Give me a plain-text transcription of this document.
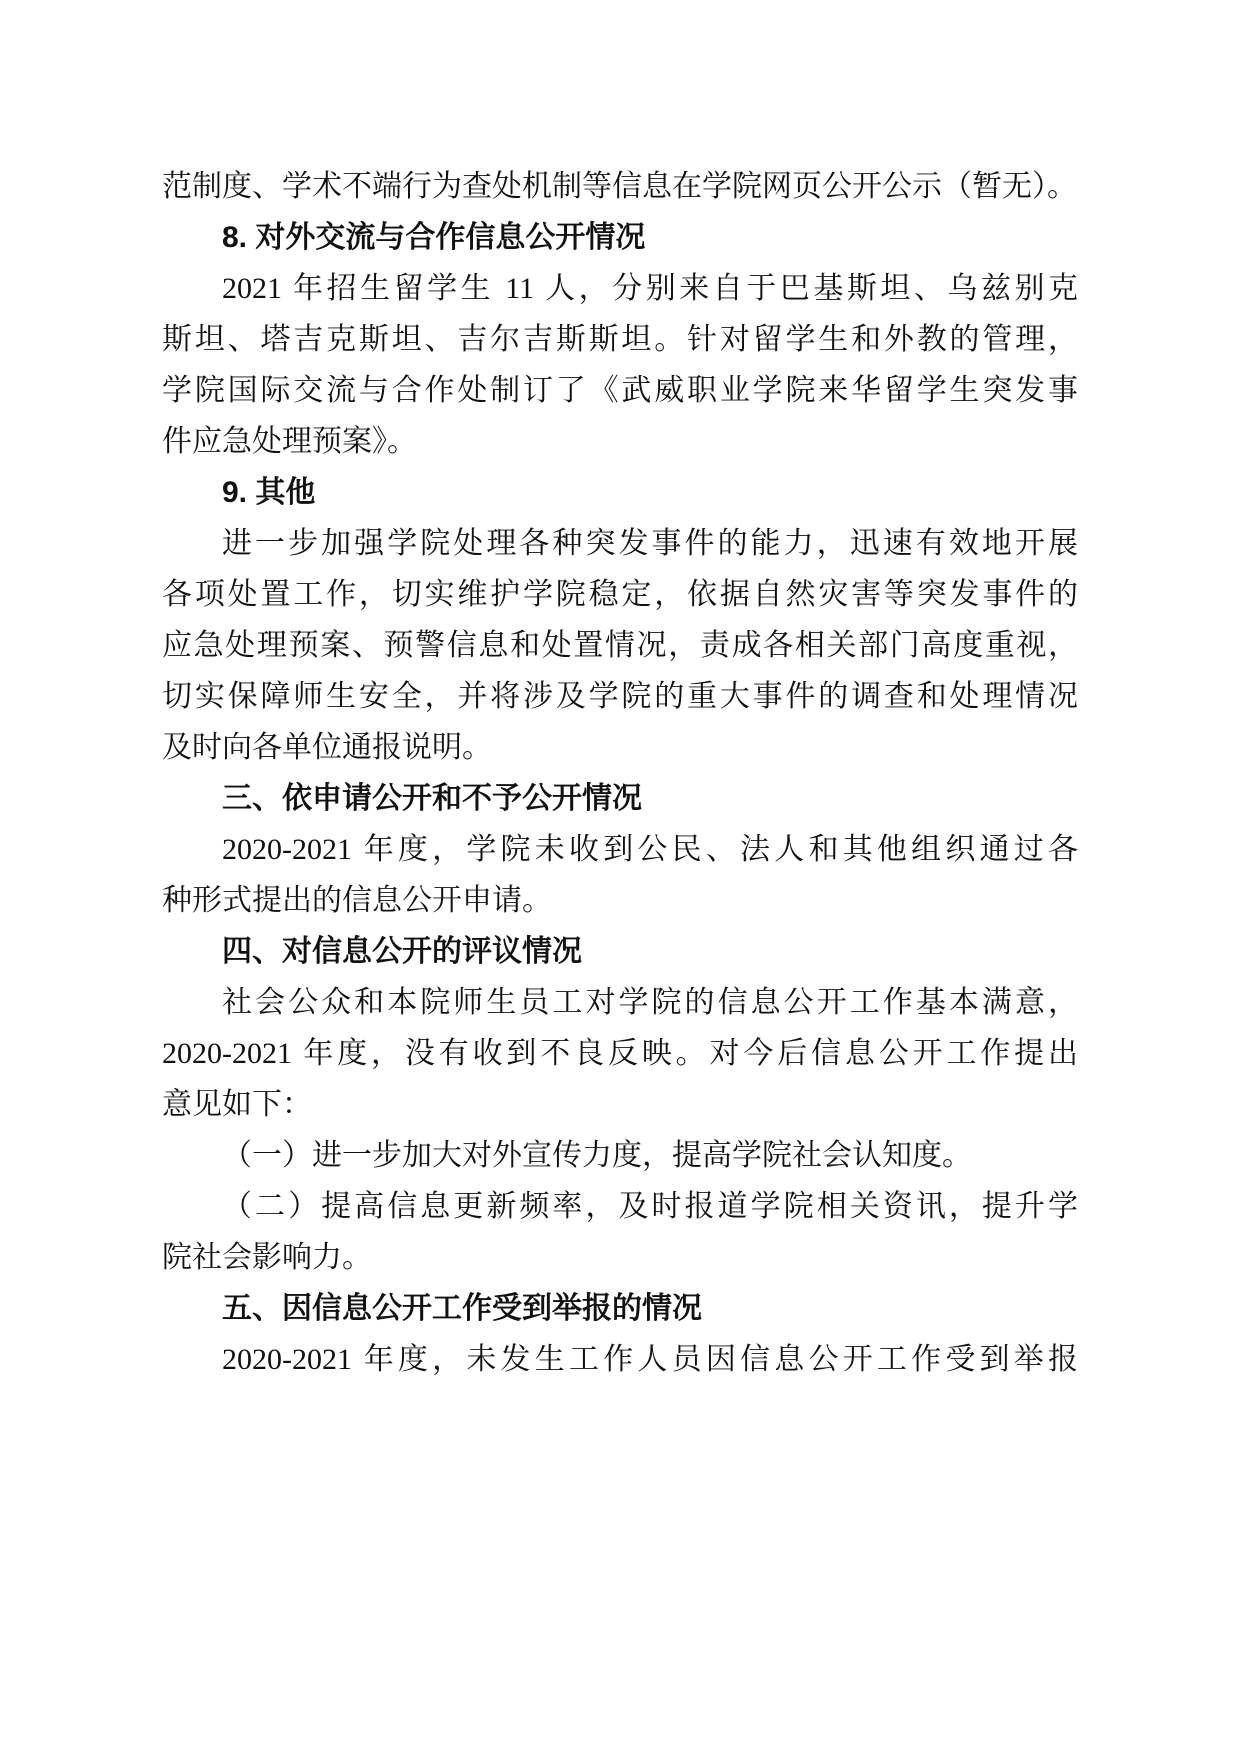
范制度、学术不端行为查处机制等信息在学院网页公开公示（暂无）。
8. 对外交流与合作信息公开情况
2021 年招生留学生 11 人，分别来自于巴基斯坦、乌兹别克
斯坦、塔吉克斯坦、吉尔吉斯斯坦。针对留学生和外教的管理，
学院国际交流与合作处制订了《武威职业学院来华留学生突发事
件应急处理预案》。
9. 其他
进一步加强学院处理各种突发事件的能力，迅速有效地开展
各项处置工作，切实维护学院稳定，依据自然灾害等突发事件的
应急处理预案、预警信息和处置情况，责成各相关部门高度重视，
切实保障师生安全，并将涉及学院的重大事件的调查和处理情况
及时向各单位通报说明。
三、依申请公开和不予公开情况
2020-2021 年度，学院未收到公民、法人和其他组织通过各
种形式提出的信息公开申请。
四、对信息公开的评议情况
社会公众和本院师生员工对学院的信息公开工作基本满意，
2020-2021 年度，没有收到不良反映。对今后信息公开工作提出
意见如下：
（一）进一步加大对外宣传力度，提高学院社会认知度。
（二）提高信息更新频率，及时报道学院相关资讯，提升学
院社会影响力。
五、因信息公开工作受到举报的情况
2020-2021 年度，未发生工作人员因信息公开工作受到举报
